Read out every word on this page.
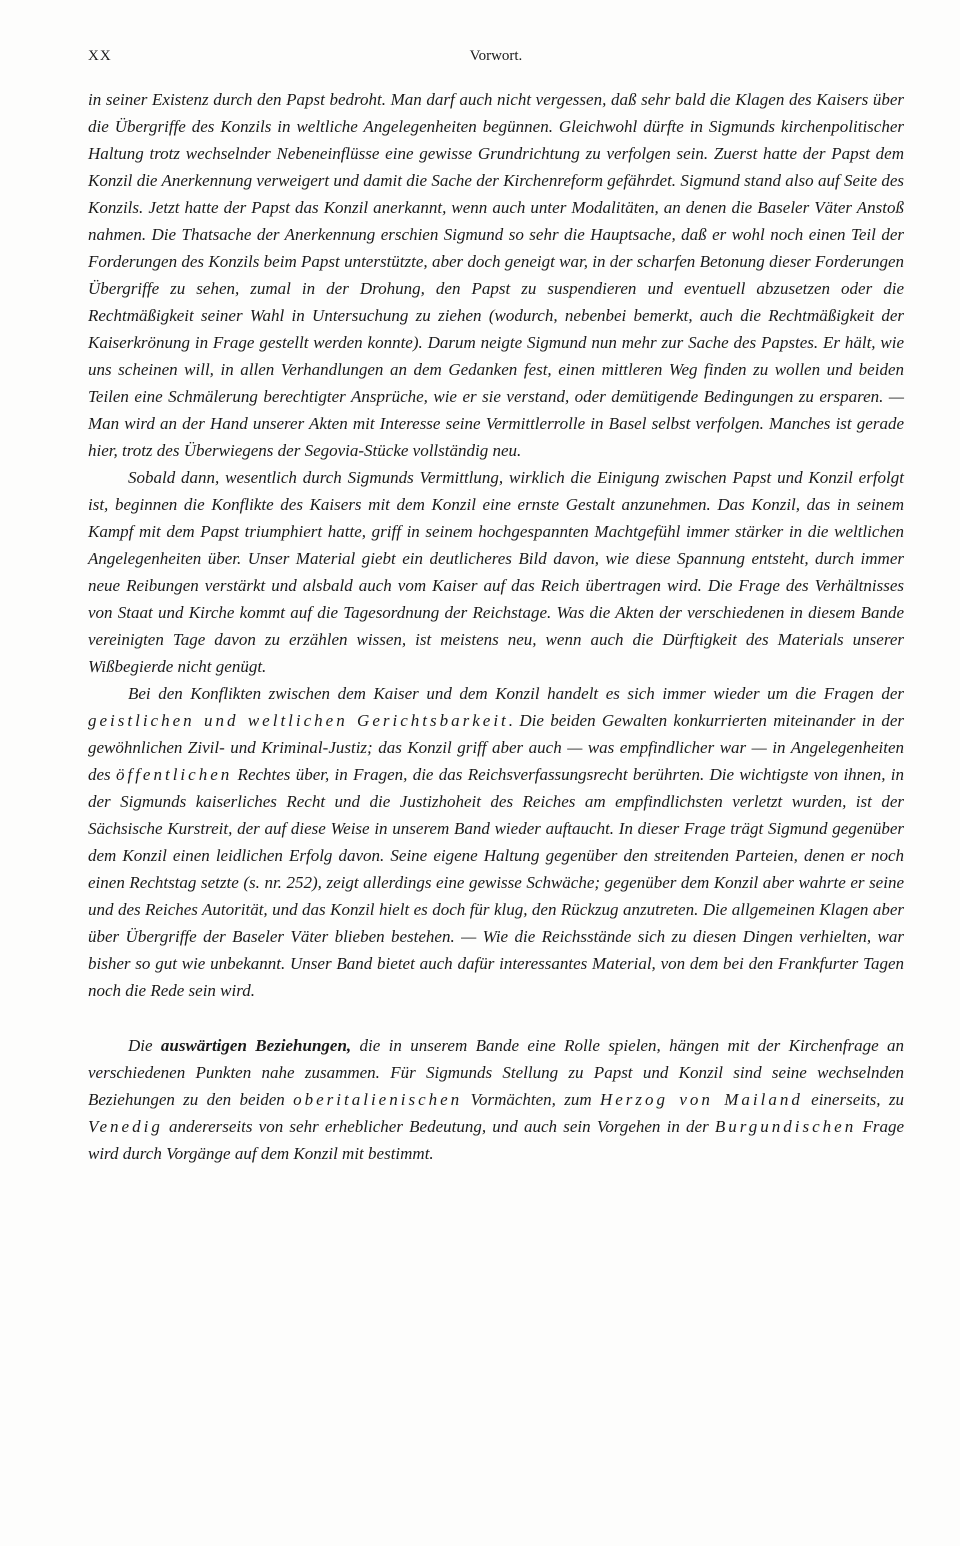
XX	Vorwort.

in seiner Existenz durch den Papst bedroht. Man darf auch nicht vergessen, daß sehr bald die Klagen des Kaisers über die Übergriffe des Konzils in weltliche Angelegenheiten begünnen. Gleichwohl dürfte in Sigmunds kirchenpolitischer Haltung trotz wechselnder Nebeneinflüsse eine gewisse Grundrichtung zu verfolgen sein. Zuerst hatte der Papst dem Konzil die Anerkennung verweigert und damit die Sache der Kirchenreform gefährdet. Sigmund stand also auf Seite des Konzils. Jetzt hatte der Papst das Konzil anerkannt, wenn auch unter Modalitäten, an denen die Baseler Väter Anstoß nahmen. Die Thatsache der Anerkennung erschien Sigmund so sehr die Hauptsache, daß er wohl noch einen Teil der Forderungen des Konzils beim Papst unterstützte, aber doch geneigt war, in der scharfen Betonung dieser Forderungen Übergriffe zu sehen, zumal in der Drohung, den Papst zu suspendieren und eventuell abzusetzen oder die Rechtmäßigkeit seiner Wahl in Untersuchung zu ziehen (wodurch, nebenbei bemerkt, auch die Rechtmäßigkeit der Kaiserkrönung in Frage gestellt werden konnte). Darum neigte Sigmund nun mehr zur Sache des Papstes. Er hält, wie uns scheinen will, in allen Verhandlungen an dem Gedanken fest, einen mittleren Weg finden zu wollen und beiden Teilen eine Schmälerung berechtigter Ansprüche, wie er sie verstand, oder demütigende Bedingungen zu ersparen. — Man wird an der Hand unserer Akten mit Interesse seine Vermittlerrolle in Basel selbst verfolgen. Manches ist gerade hier, trotz des Überwiegens der Segovia-Stücke vollständig neu.

Sobald dann, wesentlich durch Sigmunds Vermittlung, wirklich die Einigung zwischen Papst und Konzil erfolgt ist, beginnen die Konflikte des Kaisers mit dem Konzil eine ernste Gestalt anzunehmen. Das Konzil, das in seinem Kampf mit dem Papst triumphiert hatte, griff in seinem hochgespannten Machtgefühl immer stärker in die weltlichen Angelegenheiten über. Unser Material giebt ein deutlicheres Bild davon, wie diese Spannung entsteht, durch immer neue Reibungen verstärkt und alsbald auch vom Kaiser auf das Reich übertragen wird. Die Frage des Verhältnisses von Staat und Kirche kommt auf die Tagesordnung der Reichstage. Was die Akten der verschiedenen in diesem Bande vereinigten Tage davon zu erzählen wissen, ist meistens neu, wenn auch die Dürftigkeit des Materials unserer Wißbegierde nicht genügt.

Bei den Konflikten zwischen dem Kaiser und dem Konzil handelt es sich immer wieder um die Fragen der geistlichen und weltlichen Gerichtsbarkeit. Die beiden Gewalten konkurrierten miteinander in der gewöhnlichen Zivil- und Kriminal-Justiz; das Konzil griff aber auch — was empfindlicher war — in Angelegenheiten des öffentlichen Rechtes über, in Fragen, die das Reichsverfassungsrecht berührten. Die wichtigste von ihnen, in der Sigmunds kaiserliches Recht und die Justizhoheit des Reiches am empfindlichsten verletzt wurden, ist der Sächsische Kurstreit, der auf diese Weise in unserem Band wieder auftaucht. In dieser Frage trägt Sigmund gegenüber dem Konzil einen leidlichen Erfolg davon. Seine eigene Haltung gegenüber den streitenden Parteien, denen er noch einen Rechtstag setzte (s. nr. 252), zeigt allerdings eine gewisse Schwäche; gegenüber dem Konzil aber wahrte er seine und des Reiches Autorität, und das Konzil hielt es doch für klug, den Rückzug anzutreten. Die allgemeinen Klagen aber über Übergriffe der Baseler Väter blieben bestehen. — Wie die Reichsstände sich zu diesen Dingen verhielten, war bisher so gut wie unbekannt. Unser Band bietet auch dafür interessantes Material, von dem bei den Frankfurter Tagen noch die Rede sein wird.

Die auswärtigen Beziehungen, die in unserem Bande eine Rolle spielen, hängen mit der Kirchenfrage an verschiedenen Punkten nahe zusammen. Für Sigmunds Stellung zu Papst und Konzil sind seine wechselnden Beziehungen zu den beiden oberitalienischen Vormächten, zum Herzog von Mailand einerseits, zu Venedig andererseits von sehr erheblicher Bedeutung, und auch sein Vorgehen in der Burgundischen Frage wird durch Vorgänge auf dem Konzil mit bestimmt.
